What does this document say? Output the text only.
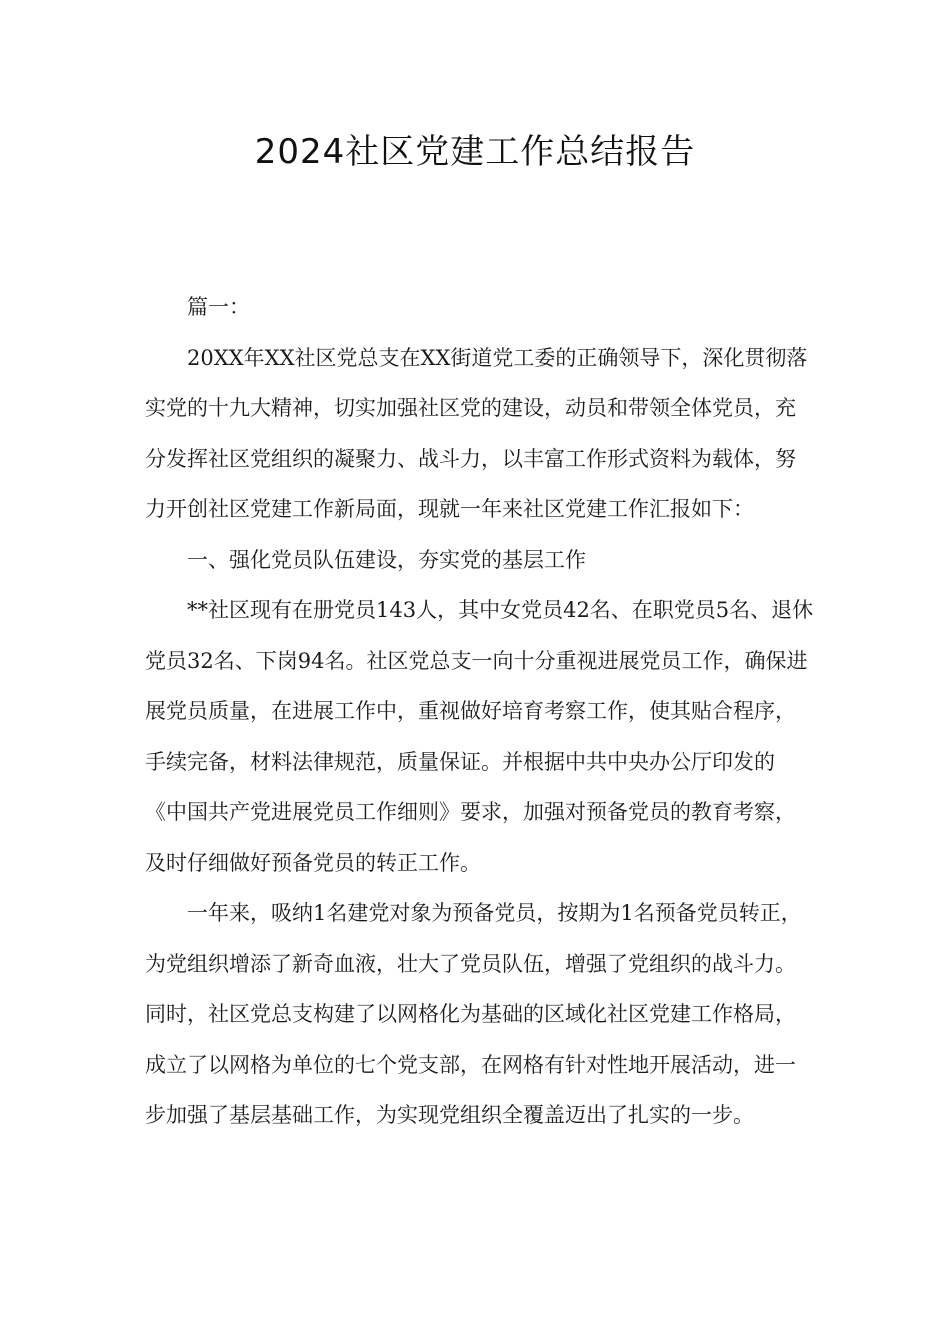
2024社区党建工作总结报告

篇一：

20XX年XX社区党总支在XX街道党工委的正确领导下，深化贯彻落实党的十九大精神，切实加强社区党的建设，动员和带领全体党员，充分发挥社区党组织的凝聚力、战斗力，以丰富工作形式资料为载体，努力开创社区党建工作新局面，现就一年来社区党建工作汇报如下：

一、强化党员队伍建设，夯实党的基层工作

**社区现有在册党员143人，其中女党员42名、在职党员5名、退休党员32名、下岗94名。社区党总支一向十分重视进展党员工作，确保进展党员质量，在进展工作中，重视做好培育考察工作，使其贴合程序，手续完备，材料法律规范，质量保证。并根据中共中央办公厅印发的《中国共产党进展党员工作细则》要求，加强对预备党员的教育考察，及时仔细做好预备党员的转正工作。

一年来，吸纳1名建党对象为预备党员，按期为1名预备党员转正，为党组织增添了新奇血液，壮大了党员队伍，增强了党组织的战斗力。同时，社区党总支构建了以网格化为基础的区域化社区党建工作格局，成立了以网格为单位的七个党支部，在网格有针对性地开展活动，进一步加强了基层基础工作，为实现党组织全覆盖迈出了扎实的一步。
